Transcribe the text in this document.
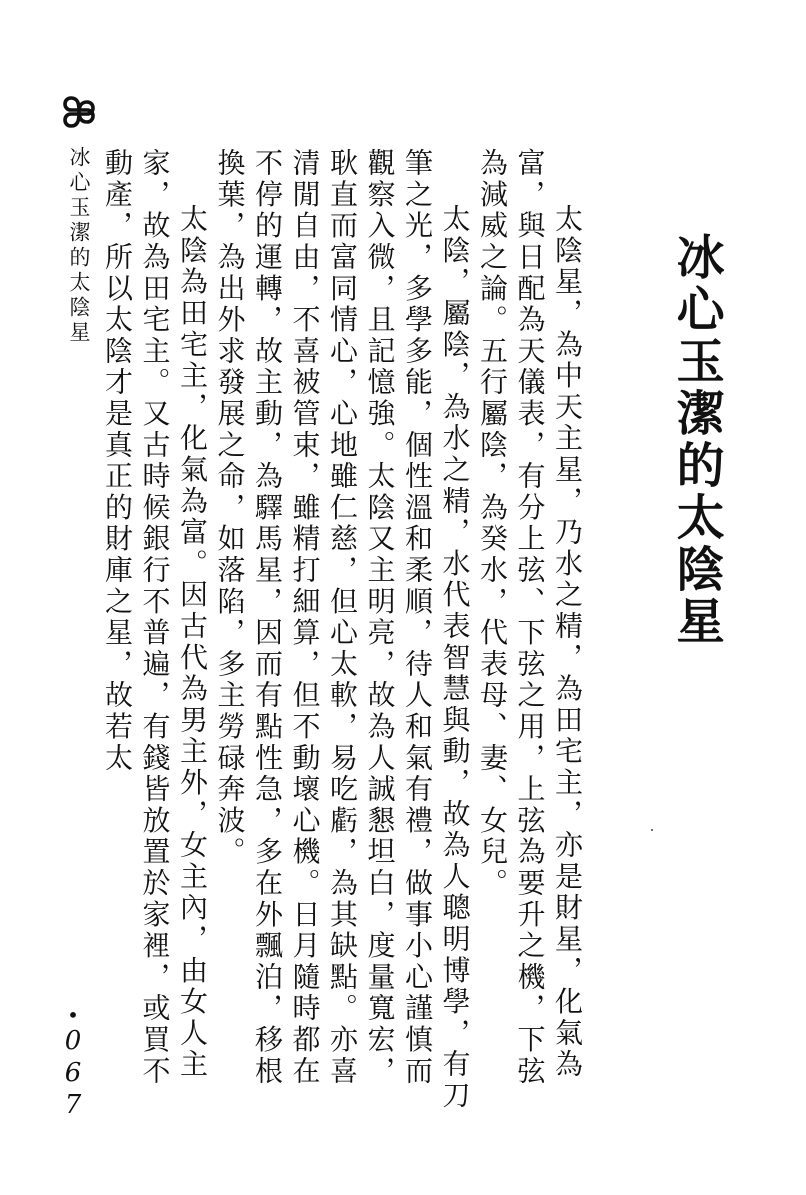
冰心玉潔的太陰星	冰心玉潔的太陰星

太陰星，為中天主星，乃水之精，為田宅主，亦是財星，化氣為富，與日配為天儀表，有分上弦、下弦之用，上弦為要升之機，下弦為減威之論。五行屬陰，為癸水，代表母、妻、女兒。

太陰，屬陰，為水之精，水代表智慧與動，故為人聰明博學，有刀筆之光，多學多能，個性溫和柔順，待人和氣有禮，做事小心謹慎而觀察入微，且記憶強。太陰又主明亮，故為人誠懇坦白，度量寬宏，耿直而富同情心，心地雖仁慈，但心太軟，易吃虧，為其缺點。亦喜清閒自由，不喜被管束，雖精打細算，但不動壞心機。日月隨時都在不停的運轉，故主動，為驛馬星，因而有點性急，多在外飄泊，移根換葉，為出外求發展之命，如落陷，多主勞碌奔波。

太陰為田宅主，化氣為富。因古代為男主外，女主內，由女人主家，故為田宅主。又古時候銀行不普遍，有錢皆放置於家裡，或買不動產，所以太陰才是真正的財庫之星，故若太

•
0
6
7
